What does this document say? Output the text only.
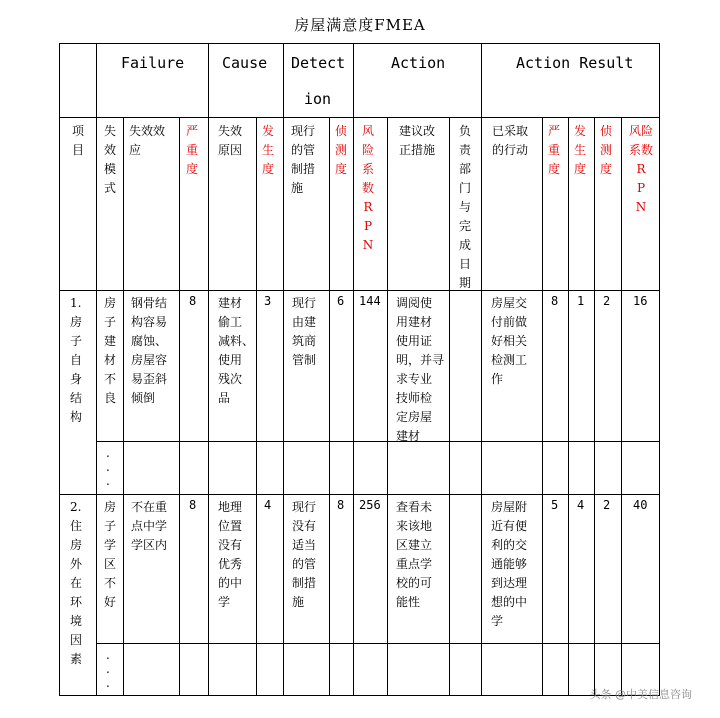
房屋满意度FMEA
Failure	Cause Detect
ion
Action	Action Result
项
目
失
效
模
式
失效效
应
严
重
度
失效
原因
发
生
度
现行
的管
制措
施
侦
测
度
风
险
系
数
R
P
N
建议改
正措施
负
责
部
门
与
完
成
日
期
已采取
的行动
严
重
度
发
生
度
侦
测
度
风险
系数
R
P
N
1.
房
子
自
身
结
构
房
子
建
材
不
良
钢骨结
构容易
腐蚀、
房屋容
易歪斜
倾倒
8 建材
偷工
减料、
使用
残次
品
3 现行
由建
筑商
管制
6 144 调阅使
用建材
使用证
明，并寻
求专业
技师检
定房屋
建材
房屋交
付前做
好相关
检测工
作
8 1 2 16
.
.
.
2.
住
房
外
在
环
境
因
素
房
子
学
区
不
好
不在重
点中学
学区内
8 地理
位置
没有
优秀
的中
学
4 现行
没有
适当
的管
制措
施
8 256 查看未
来该地
区建立
重点学
校的可
能性
房屋附
近有便
利的交
通能够
到达理
想的中
学
5 4 2 40
.
.
.
头条 @中美信息咨询
